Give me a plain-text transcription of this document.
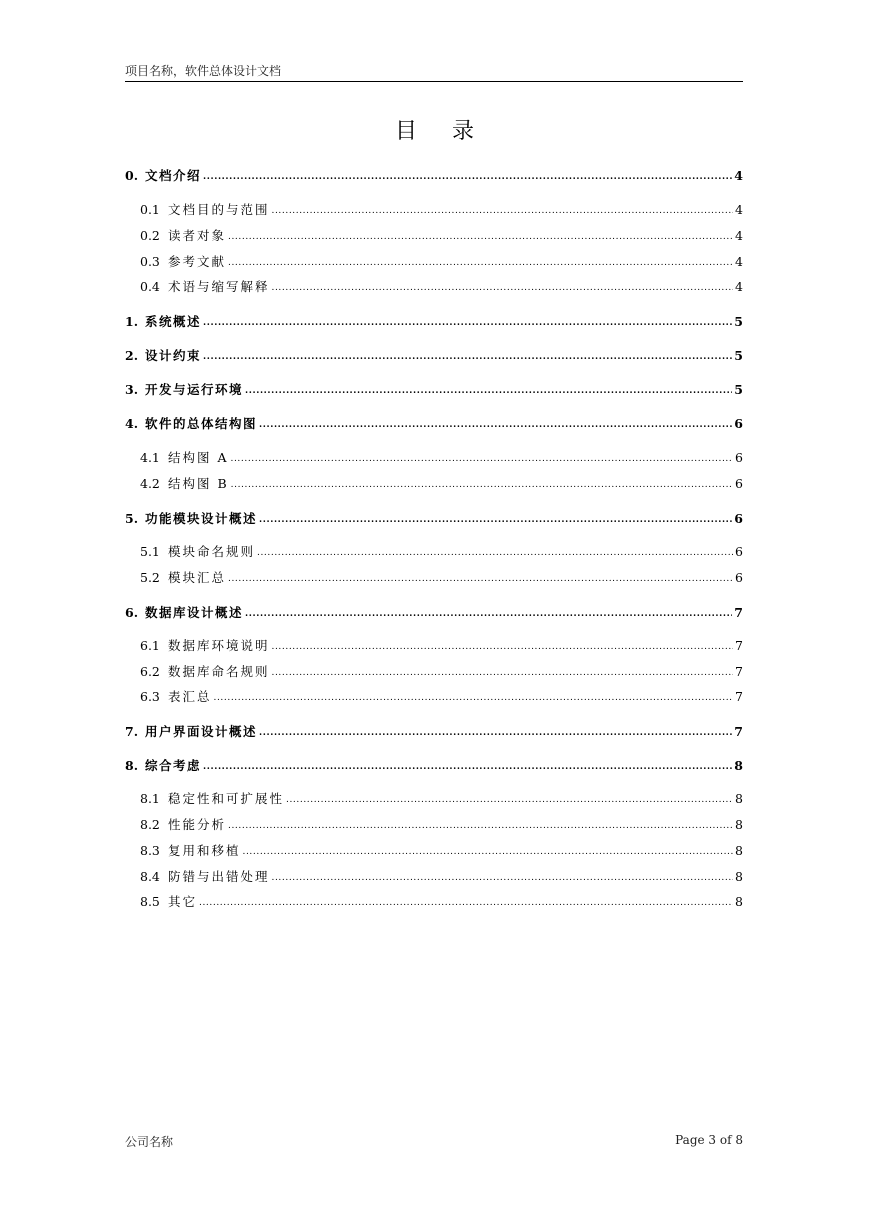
项目名称，软件总体设计文档
目 录
0. 文档介绍 .....	4
0.1 文档目的与范围 .....	4
0.2 读者对象 .....	4
0.3 参考文献 .....	4
0.4 术语与缩写解释 .....	4
1. 系统概述 .....	5
2. 设计约束 .....	5
3. 开发与运行环境 .....	5
4. 软件的总体结构图 .....	6
4.1 结构图 A .....	6
4.2 结构图 B .....	6
5. 功能模块设计概述 .....	6
5.1 模块命名规则 .....	6
5.2 模块汇总 .....	6
6. 数据库设计概述 .....	7
6.1 数据库环境说明 .....	7
6.2 数据库命名规则 .....	7
6.3 表汇总 .....	7
7. 用户界面设计概述 .....	7
8. 综合考虑 .....	8
8.1 稳定性和可扩展性 .....	8
8.2 性能分析 .....	8
8.3 复用和移植 .....	8
8.4 防错与出错处理 .....	8
8.5 其它 .....	8
公司名称	Page 3 of 8
